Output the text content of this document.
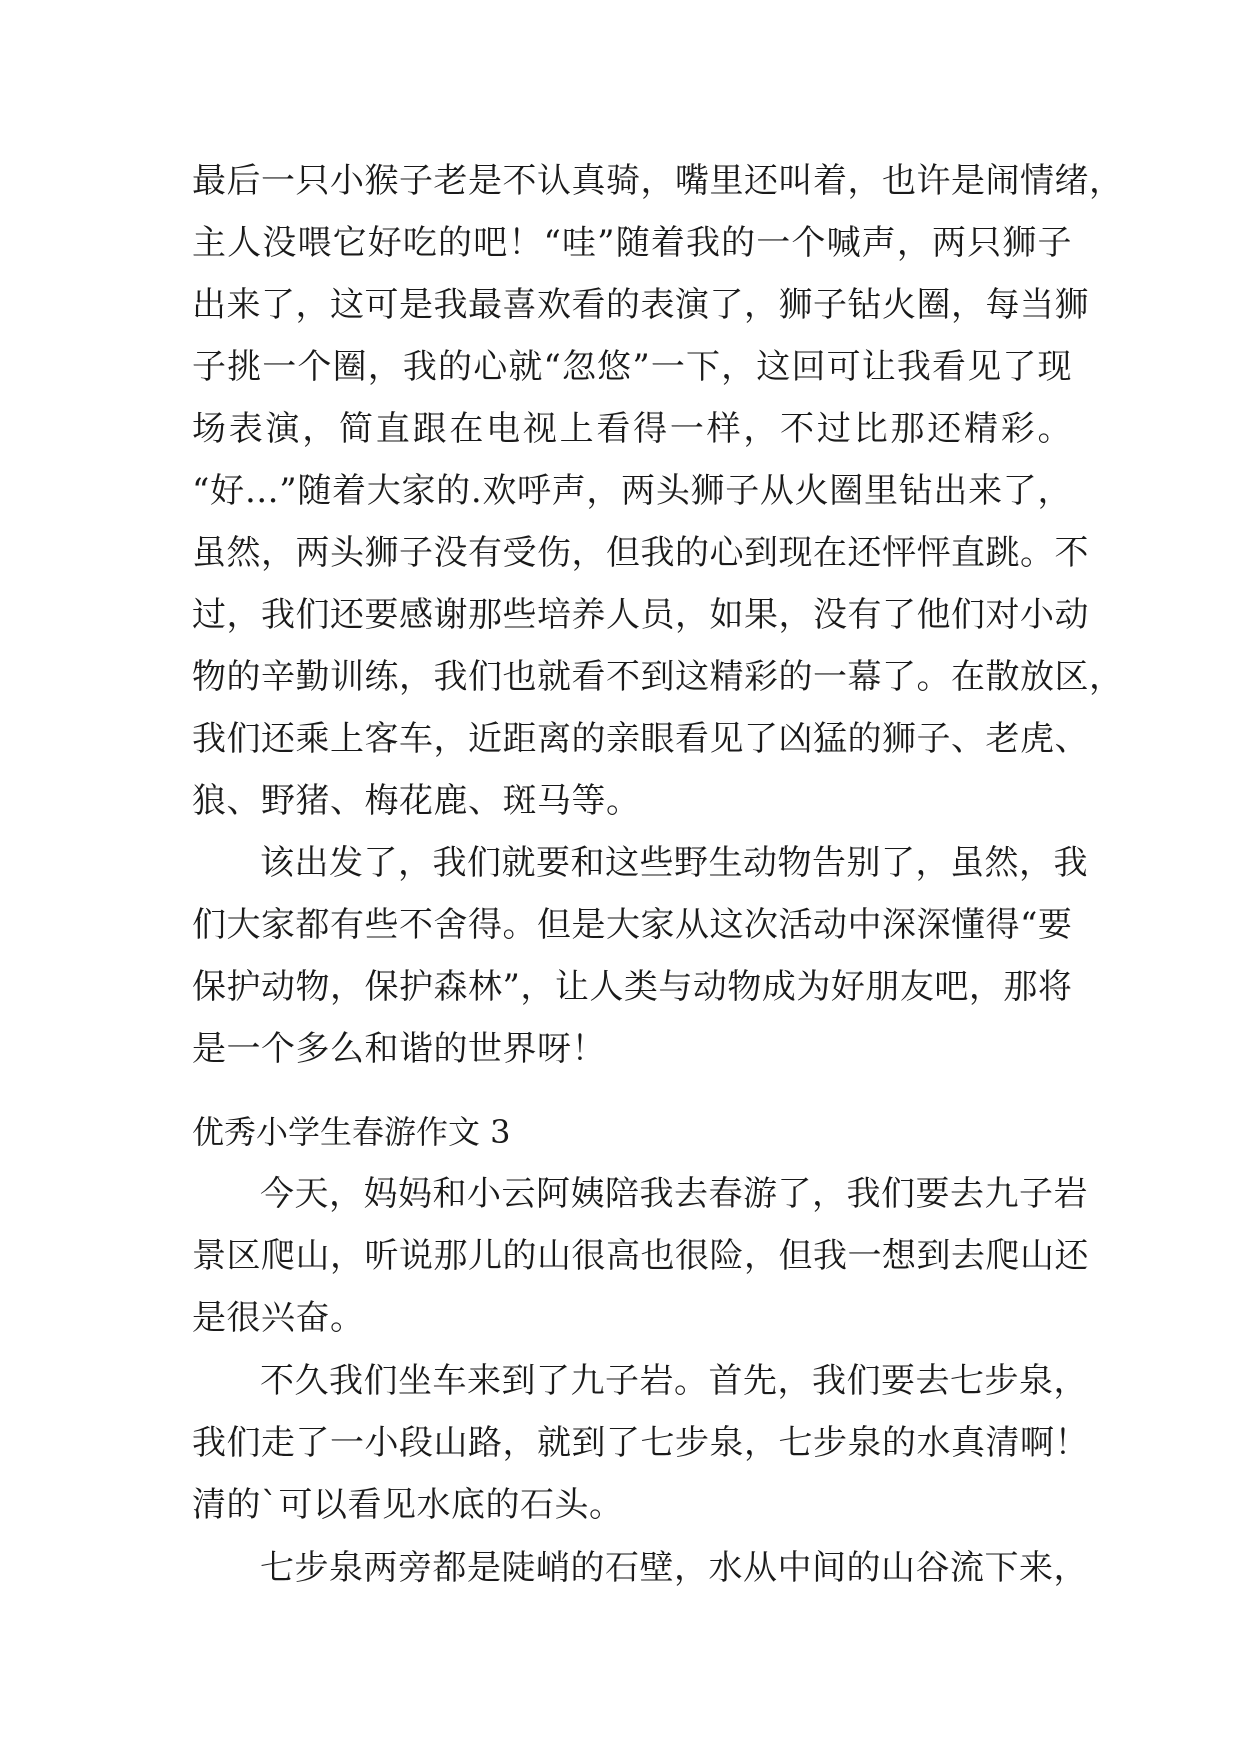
最后一只小猴子老是不认真骑，嘴里还叫着，也许是闹情绪，
主人没喂它好吃的吧！“哇”随着我的一个喊声，两只狮子
出来了，这可是我最喜欢看的表演了，狮子钻火圈，每当狮
子挑一个圈，我的心就“忽悠”一下，这回可让我看见了现
场表演，简直跟在电视上看得一样，不过比那还精彩。
“好…”随着大家的.欢呼声，两头狮子从火圈里钻出来了，
虽然，两头狮子没有受伤，但我的心到现在还怦怦直跳。不
过，我们还要感谢那些培养人员，如果，没有了他们对小动
物的辛勤训练，我们也就看不到这精彩的一幕了。在散放区，
我们还乘上客车，近距离的亲眼看见了凶猛的狮子、老虎、
狼、野猪、梅花鹿、斑马等。
该出发了，我们就要和这些野生动物告别了，虽然，我
们大家都有些不舍得。但是大家从这次活动中深深懂得“要
保护动物，保护森林”，让人类与动物成为好朋友吧，那将
是一个多么和谐的世界呀！
优秀小学生春游作文 3
今天，妈妈和小云阿姨陪我去春游了，我们要去九子岩
景区爬山，听说那儿的山很高也很险，但我一想到去爬山还
是很兴奋。
不久我们坐车来到了九子岩。首先，我们要去七步泉，
我们走了一小段山路，就到了七步泉，七步泉的水真清啊！
清的`可以看见水底的石头。
七步泉两旁都是陡峭的石壁，水从中间的山谷流下来，
